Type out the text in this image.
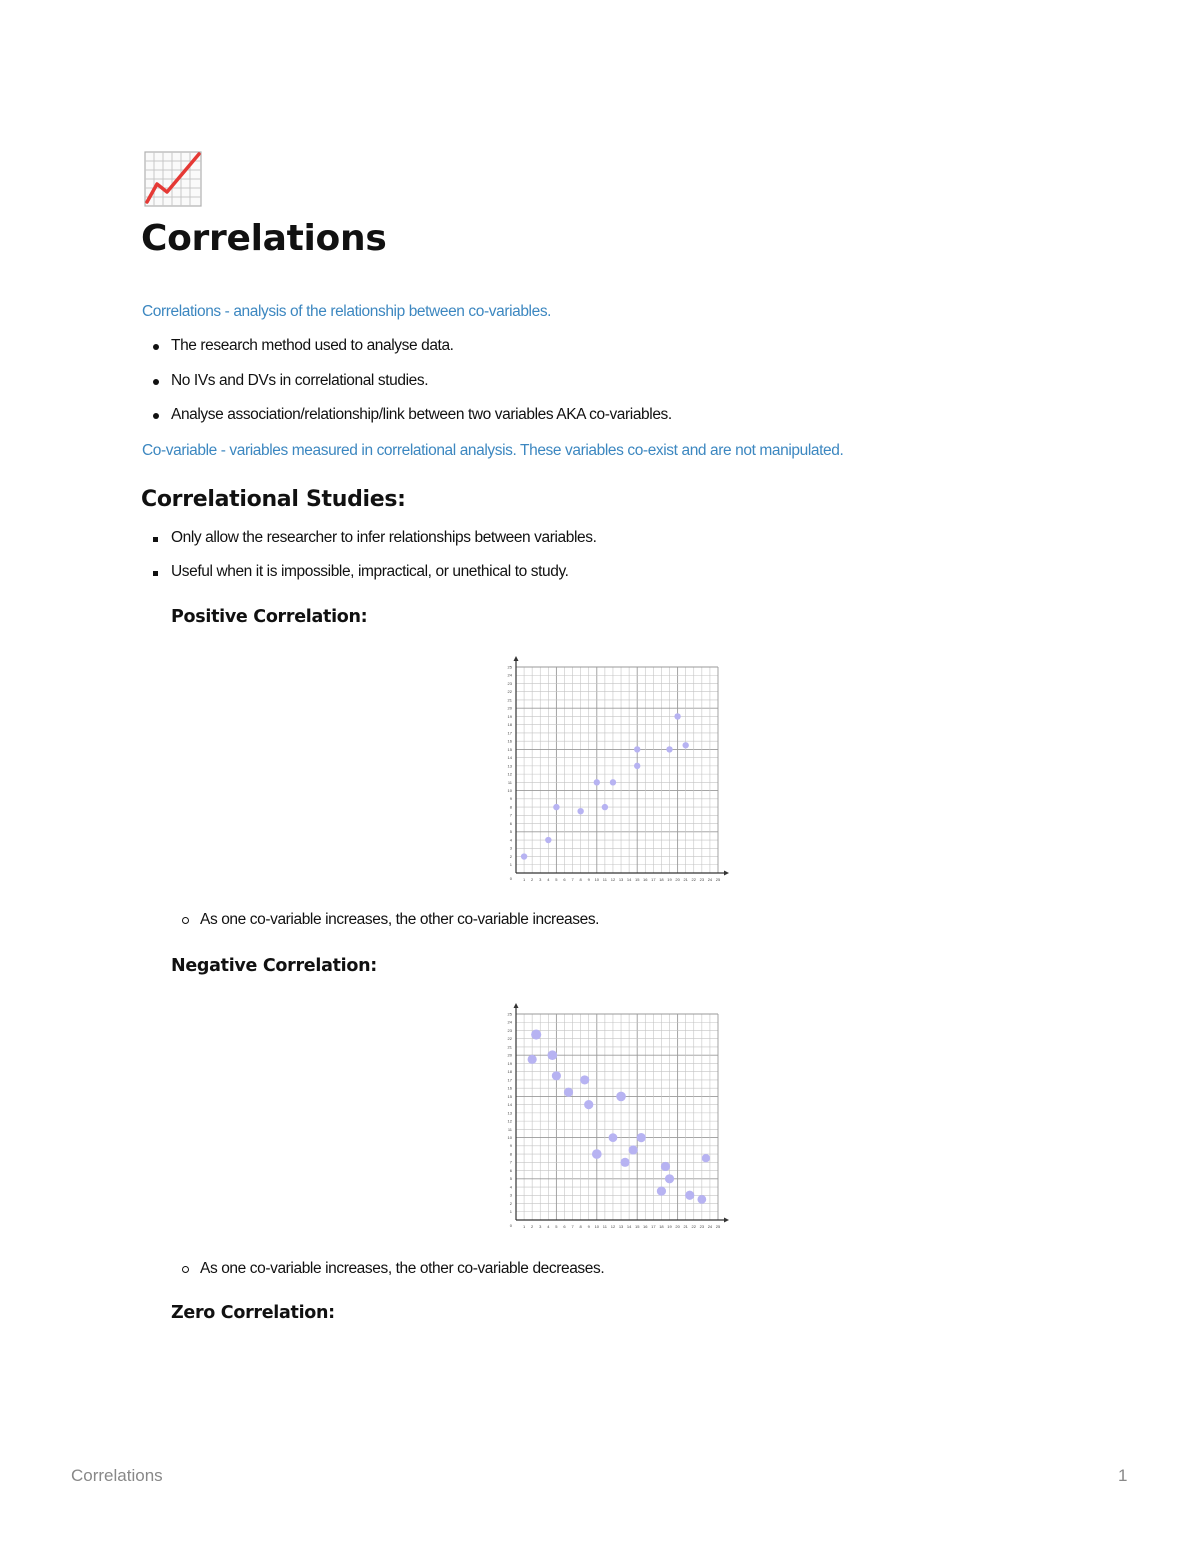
Correlations

Correlations - analysis of the relationship between co-variables.

The research method used to analyse data.
No IVs and DVs in correlational studies.
Analyse association/relationship/link between two variables AKA co-variables.

Co-variable - variables measured in correlational analysis. These variables co-exist and are not manipulated.

Correlational Studies:
Only allow the researcher to infer relationships between variables.
Useful when it is impossible, impractical, or unethical to study.
Positive Correlation:
1
1
2
2
3
3
4
4
5
5
6
6
7
7
8
8
9
9
10
10
11
11
12
12
13
13
14
14
15
15
16
16
17
17
18
18
19
19
20
20
21
21
22
22
23
23
24
24
25
25
0
As one co-variable increases, the other co-variable increases.
Negative Correlation:
1
1
2
2
3
3
4
4
5
5
6
6
7
7
8
8
9
9
10
10
11
11
12
12
13
13
14
14
15
15
16
16
17
17
18
18
19
19
20
20
21
21
22
22
23
23
24
24
25
25
0
As one co-variable increases, the other co-variable decreases.
Zero Correlation:
Correlations	1
